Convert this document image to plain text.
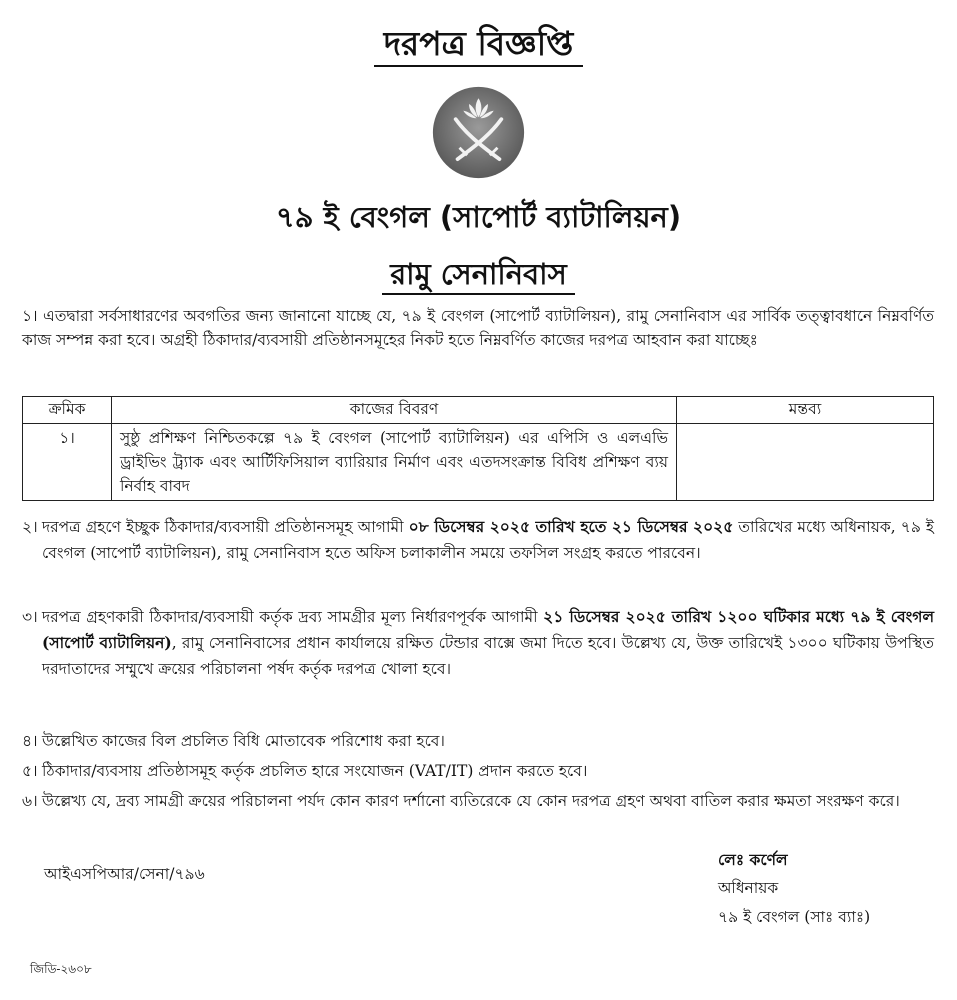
দরপত্র বিজ্ঞপ্তি
৭৯ ই বেংগল (সাপোর্ট ব্যাটালিয়ন)
রামু সেনানিবাস
১। এতদ্বারা সর্বসাধারণের অবগতির জন্য জানানো যাচ্ছে যে, ৭৯ ই বেংগল (সাপোর্ট ব্যাটালিয়ন), রামু সেনানিবাস এর সার্বিক তত্ত্বাবধানে নিম্নবর্ণিত কাজ সম্পন্ন করা হবে। অগ্রহী ঠিকাদার/ব্যবসায়ী প্রতিষ্ঠানসমূহের নিকট হতে নিম্নবর্ণিত কাজের দরপত্র আহবান করা যাচ্ছেঃ
ক্রমিক	কাজের বিবরণ	মন্তব্য
১।	সুষ্ঠু প্রশিক্ষণ নিশ্চিতকল্পে ৭৯ ই বেংগল (সাপোর্ট ব্যাটালিয়ন) এর এপিসি ও এলএভি ড্রাইভিং ট্র্যাক এবং আর্টিফিসিয়াল ব্যারিয়ার নির্মাণ এবং এতদসংক্রান্ত বিবিধ প্রশিক্ষণ ব্যয় নির্বাহ বাবদ	
২। দরপত্র গ্রহণে ইচ্ছুক ঠিকাদার/ব্যবসায়ী প্রতিষ্ঠানসমূহ আগামী ০৮ ডিসেম্বর ২০২৫ তারিখ হতে ২১ ডিসেম্বর ২০২৫ তারিখের মধ্যে অধিনায়ক, ৭৯ ই বেংগল (সাপোর্ট ব্যাটালিয়ন), রামু সেনানিবাস হতে অফিস চলাকালীন সময়ে তফসিল সংগ্রহ করতে পারবেন।
৩। দরপত্র গ্রহণকারী ঠিকাদার/ব্যবসায়ী কর্তৃক দ্রব্য সামগ্রীর মূল্য নির্ধারণপূর্বক আগামী ২১ ডিসেম্বর ২০২৫ তারিখ ১২০০ ঘটিকার মধ্যে ৭৯ ই বেংগল (সাপোর্ট ব্যাটালিয়ন), রামু সেনানিবাসের প্রধান কার্যালয়ে রক্ষিত টেন্ডার বাক্সে জমা দিতে হবে। উল্লেখ্য যে, উক্ত তারিখেই ১৩০০ ঘটিকায় উপস্থিত দরদাতাদের সম্মুখে ক্রয়ের পরিচালনা পর্ষদ কর্তৃক দরপত্র খোলা হবে।
৪। উল্লেখিত কাজের বিল প্রচলিত বিধি মোতাবেক পরিশোধ করা হবে।
৫। ঠিকাদার/ব্যবসায় প্রতিষ্ঠাসমূহ কর্তৃক প্রচলিত হারে সংযোজন (VAT/IT) প্রদান করতে হবে।
৬। উল্লেখ্য যে, দ্রব্য সামগ্রী ক্রয়ের পরিচালনা পর্যদ কোন কারণ দর্শানো ব্যতিরেকে যে কোন দরপত্র গ্রহণ অথবা বাতিল করার ক্ষমতা সংরক্ষণ করে।
আইএসপিআর/সেনা/৭৯৬
লেঃ কর্ণেল
অধিনায়ক
৭৯ ই বেংগল (সাঃ ব্যাঃ)
জিডি-২৬০৮
